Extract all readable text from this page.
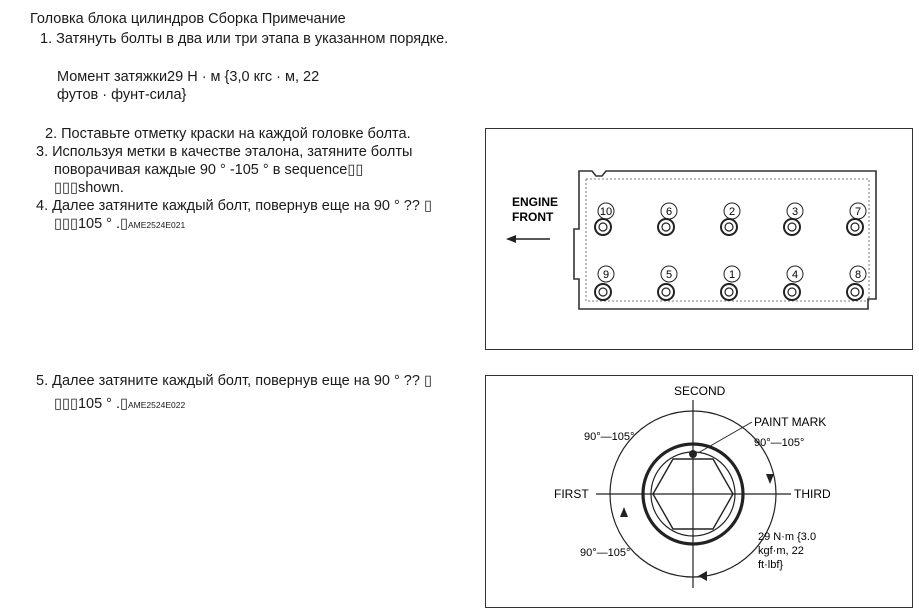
Головка блока цилиндров Сборка Примечание
1. Затянуть болты в два или три этапа в указанном порядке.
Момент затяжки29 Н · м {3,0 кгс · м, 22
футов · фунт-сила}
2. Поставьте отметку краски на каждой головке болта.
3. Используя метки в качестве эталона, затяните болты
поворачивая каждые 90 ° -105 ° в sequence▯▯
▯▯▯shown.
4. Далее затяните каждый болт, повернув еще на 90 ° ?? ▯
▯▯▯105 ° .▯AME2524E021
5. Далее затяните каждый болт, повернув еще на 90 ° ?? ▯
▯▯▯105 ° .▯AME2524E022
ENGINE
FRONT	10	6	2	3	7
9	5	1	4	8
SECOND
FIRST	THIRD
PAINT MARK
90°—105°	90°—105°
90°—105°
29 N·m {3.0
kgf·m, 22
ft·lbf}
